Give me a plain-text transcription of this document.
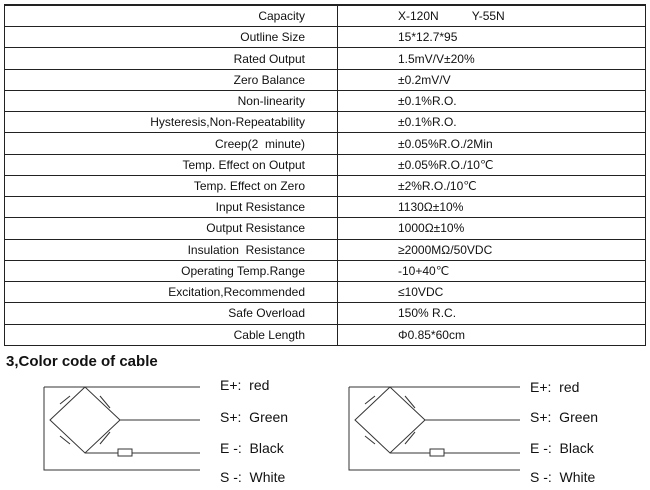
Capacity	X-120N          Y-55N
Outline Size	15*12.7*95
Rated Output	1.5mV/V±20%
Zero Balance	±0.2mV/V
Non-linearity	±0.1%R.O.
Hysteresis,Non-Repeatability	±0.1%R.O.
Creep(2  minute)	±0.05%R.O./2Min
Temp. Effect on Output	±0.05%R.O./10℃
Temp. Effect on Zero	±2%R.O./10℃
Input Resistance	1130Ω±10%
Output Resistance	1000Ω±10%
Insulation  Resistance	≥2000MΩ/50VDC
Operating Temp.Range	-10+40℃
Excitation,Recommended	≤10VDC
Safe Overload	150% R.C.
Cable Length	Φ0.85*60cm
3,Color code of cable
E+:  red
S+:  Green
E -:  Black
S -:  White
E+:  red
S+:  Green
E -:  Black
S -:  White
